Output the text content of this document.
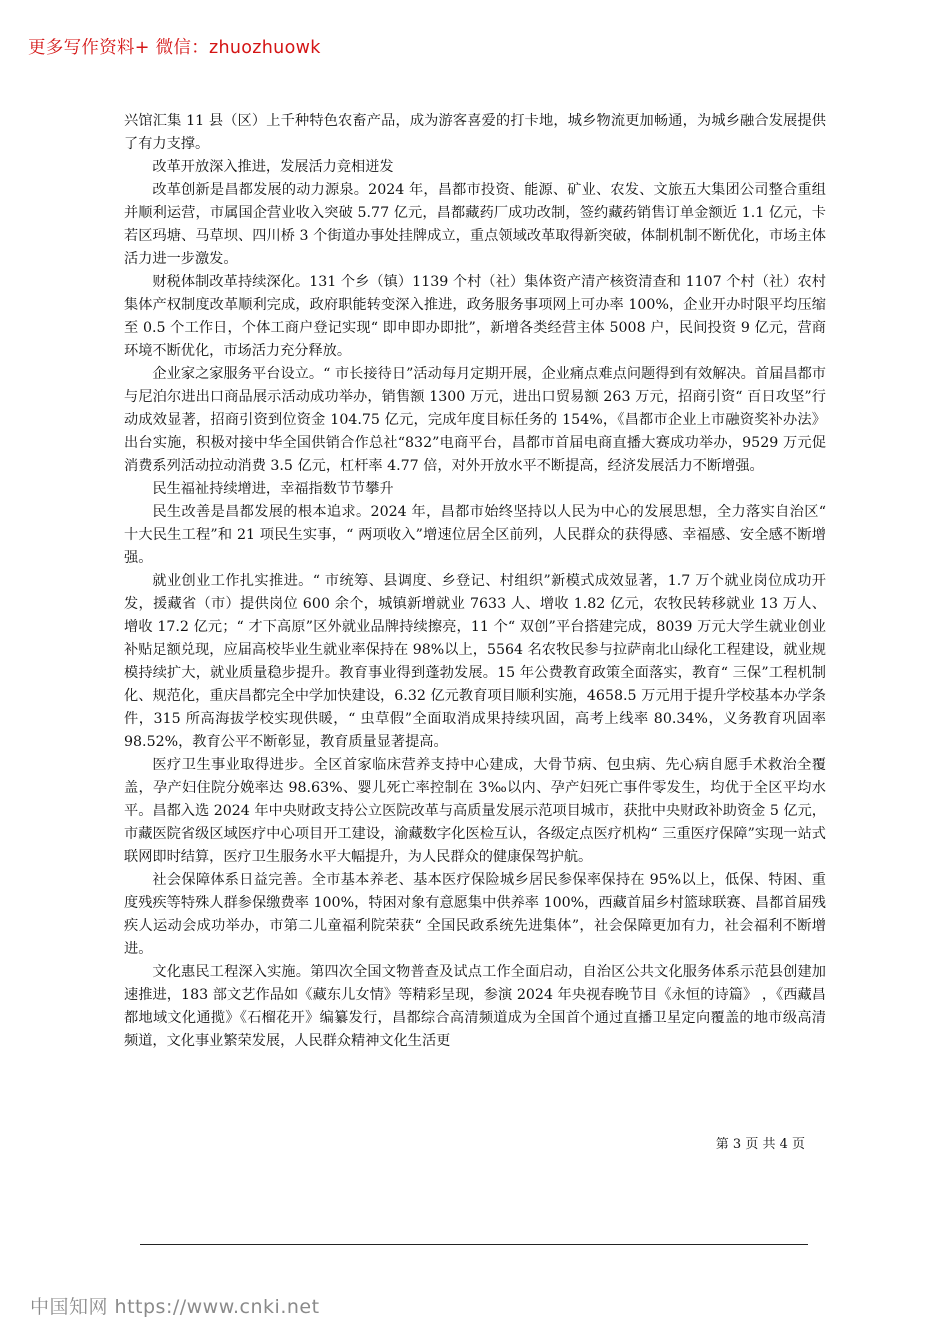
更多写作资料+ 微信：zhuozhuowk

兴馆汇集 11 县（区）上千种特色农畜产品，成为游客喜爱的打卡地，城乡物流更加畅通，为城乡融合发展提供了有力支撑。

改革开放深入推进，发展活力竞相迸发

改革创新是昌都发展的动力源泉。2024 年，昌都市投资、能源、矿业、农发、文旅五大集团公司整合重组并顺利运营，市属国企营业收入突破 5.77 亿元，昌都藏药厂成功改制，签约藏药销售订单金额近 1.1 亿元，卡若区玛塘、马草坝、四川桥 3 个街道办事处挂牌成立，重点领域改革取得新突破，体制机制不断优化，市场主体活力进一步激发。

财税体制改革持续深化。131 个乡（镇）1139 个村（社）集体资产清产核资清查和 1107 个村（社）农村集体产权制度改革顺利完成，政府职能转变深入推进，政务服务事项网上可办率 100%，企业开办时限平均压缩至 0.5 个工作日，个体工商户登记实现“ 即申即办即批”，新增各类经营主体 5008 户，民间投资 9 亿元，营商环境不断优化，市场活力充分释放。

企业家之家服务平台设立。“ 市长接待日”活动每月定期开展，企业痛点难点问题得到有效解决。首届昌都市与尼泊尔进出口商品展示活动成功举办，销售额 1300 万元，进出口贸易额 263 万元，招商引资“ 百日攻坚”行动成效显著，招商引资到位资金 104.75 亿元，完成年度目标任务的 154%，《昌都市企业上市融资奖补办法》出台实施，积极对接中华全国供销合作总社“832”电商平台，昌都市首届电商直播大赛成功举办，9529 万元促消费系列活动拉动消费 3.5 亿元，杠杆率 4.77 倍，对外开放水平不断提高，经济发展活力不断增强。

民生福祉持续增进，幸福指数节节攀升

民生改善是昌都发展的根本追求。2024 年，昌都市始终坚持以人民为中心的发展思想，全力落实自治区“ 十大民生工程”和 21 项民生实事，“ 两项收入”增速位居全区前列，人民群众的获得感、幸福感、安全感不断增强。

就业创业工作扎实推进。“ 市统筹、县调度、乡登记、村组织”新模式成效显著，1.7 万个就业岗位成功开发，援藏省（市）提供岗位 600 余个，城镇新增就业 7633 人、增收 1.82 亿元，农牧民转移就业 13 万人、增收 17.2 亿元；“ 才下高原”区外就业品牌持续擦亮，11 个“ 双创”平台搭建完成，8039 万元大学生就业创业补贴足额兑现，应届高校毕业生就业率保持在 98%以上，5564 名农牧民参与拉萨南北山绿化工程建设，就业规模持续扩大，就业质量稳步提升。教育事业得到蓬勃发展。15 年公费教育政策全面落实，教育“ 三保”工程机制化、规范化，重庆昌都完全中学加快建设，6.32 亿元教育项目顺利实施，4658.5 万元用于提升学校基本办学条件，315 所高海拔学校实现供暖，“ 虫草假”全面取消成果持续巩固，高考上线率 80.34%，义务教育巩固率 98.52%，教育公平不断彰显，教育质量显著提高。

医疗卫生事业取得进步。全区首家临床营养支持中心建成，大骨节病、包虫病、先心病自愿手术救治全覆盖，孕产妇住院分娩率达 98.63%、婴儿死亡率控制在 3‰以内、孕产妇死亡事件零发生，均优于全区平均水平。昌都入选 2024 年中央财政支持公立医院改革与高质量发展示范项目城市，获批中央财政补助资金 5 亿元，市藏医院省级区域医疗中心项目开工建设，渝藏数字化医检互认，各级定点医疗机构“ 三重医疗保障”实现一站式联网即时结算，医疗卫生服务水平大幅提升，为人民群众的健康保驾护航。

社会保障体系日益完善。全市基本养老、基本医疗保险城乡居民参保率保持在 95%以上，低保、特困、重度残疾等特殊人群参保缴费率 100%，特困对象有意愿集中供养率 100%，西藏首届乡村篮球联赛、昌都首届残疾人运动会成功举办，市第二儿童福利院荣获“ 全国民政系统先进集体”，社会保障更加有力，社会福利不断增进。

文化惠民工程深入实施。第四次全国文物普查及试点工作全面启动，自治区公共文化服务体系示范县创建加速推进，183 部文艺作品如《藏东儿女情》等精彩呈现，参演 2024 年央视春晚节目《永恒的诗篇》 ，《西藏昌都地域文化通揽》《石榴花开》编纂发行，昌都综合高清频道成为全国首个通过直播卫星定向覆盖的地市级高清频道，文化事业繁荣发展，人民群众精神文化生活更

第 3 页 共 4 页
中国知网 https://www.cnki.net
